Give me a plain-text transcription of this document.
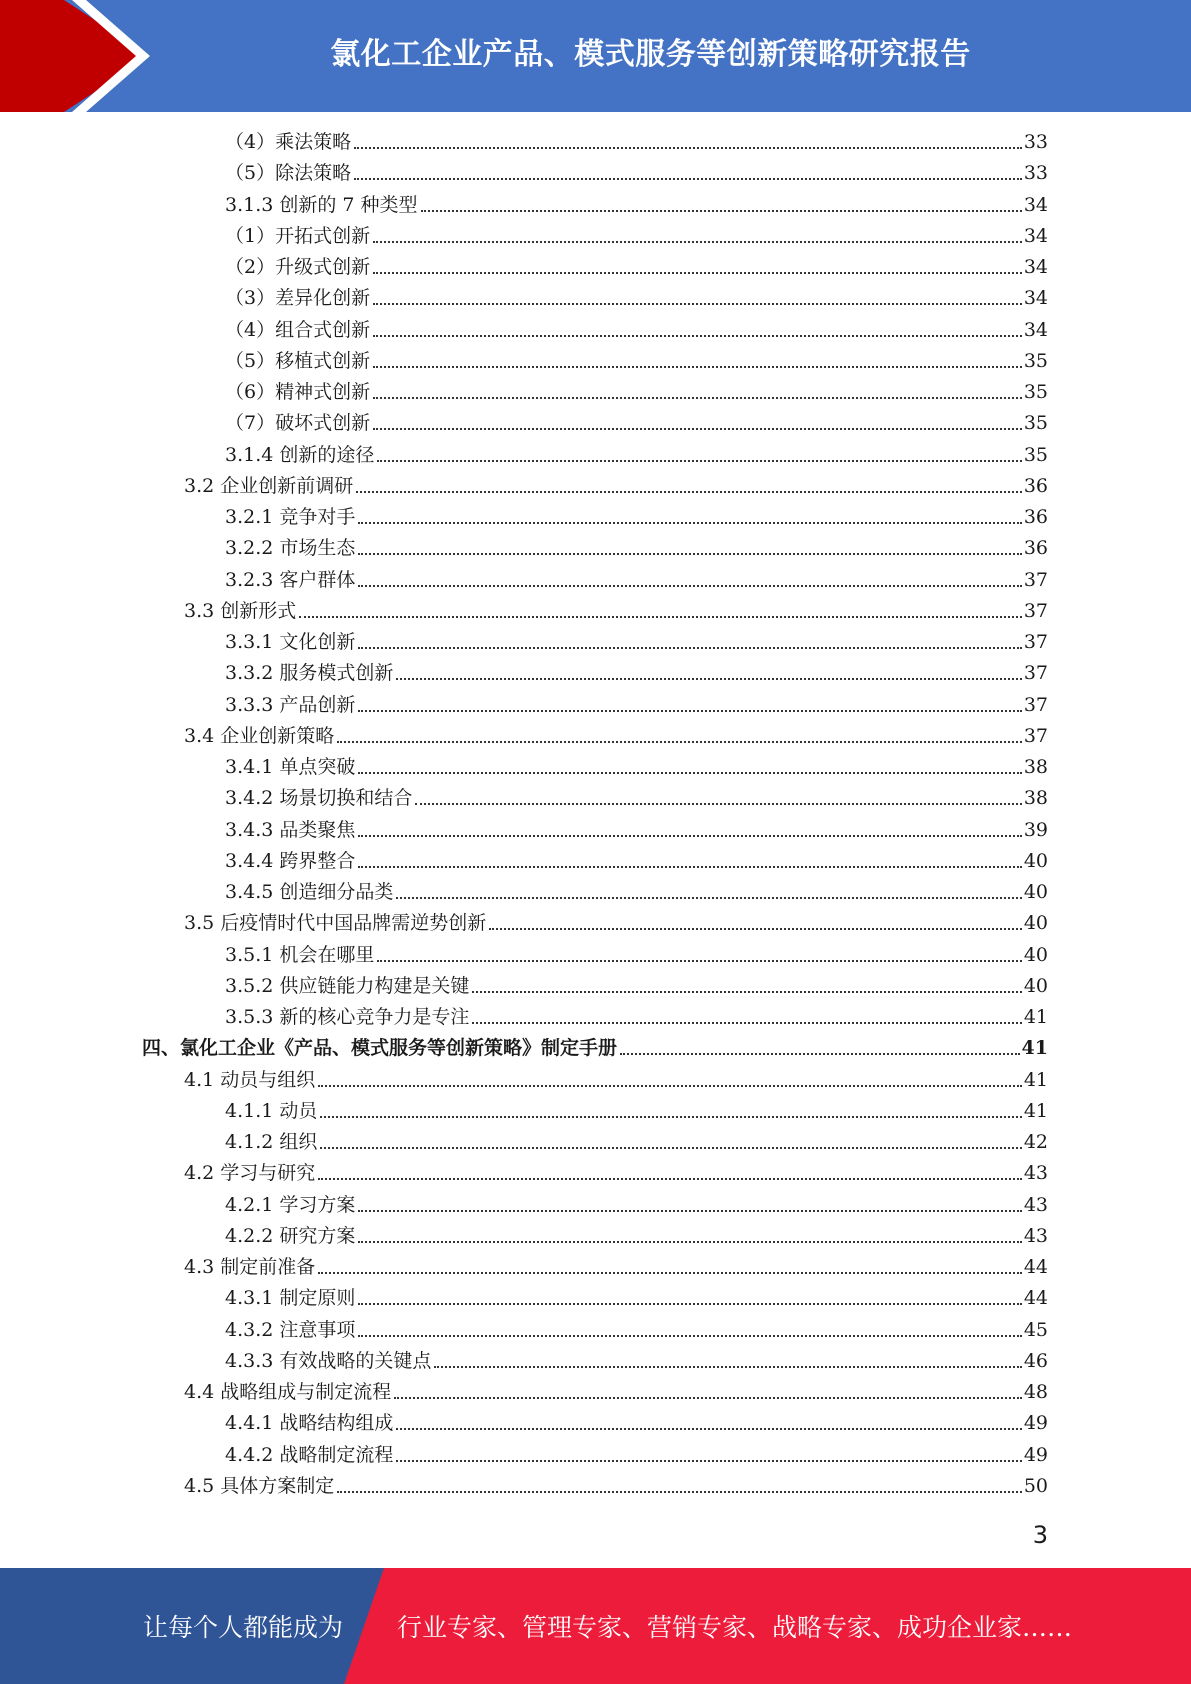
氯化工企业产品、模式服务等创新策略研究报告
（4）乘法策略	33
（5）除法策略	33
3.1.3 创新的 7 种类型	34
（1）开拓式创新	34
（2）升级式创新	34
（3）差异化创新	34
（4）组合式创新	34
（5）移植式创新	35
（6）精神式创新	35
（7）破坏式创新	35
3.1.4 创新的途径	35
3.2 企业创新前调研	36
3.2.1 竞争对手	36
3.2.2 市场生态	36
3.2.3 客户群体	37
3.3 创新形式	37
3.3.1 文化创新	37
3.3.2 服务模式创新	37
3.3.3 产品创新	37
3.4 企业创新策略	37
3.4.1 单点突破	38
3.4.2 场景切换和结合	38
3.4.3 品类聚焦	39
3.4.4 跨界整合	40
3.4.5 创造细分品类	40
3.5 后疫情时代中国品牌需逆势创新	40
3.5.1 机会在哪里	40
3.5.2 供应链能力构建是关键	40
3.5.3 新的核心竞争力是专注	41
四、氯化工企业《产品、模式服务等创新策略》制定手册	41
4.1 动员与组织	41
4.1.1 动员	41
4.1.2 组织	42
4.2 学习与研究	43
4.2.1 学习方案	43
4.2.2 研究方案	43
4.3 制定前准备	44
4.3.1 制定原则	44
4.3.2 注意事项	45
4.3.3 有效战略的关键点	46
4.4 战略组成与制定流程	48
4.4.1 战略结构组成	49
4.4.2 战略制定流程	49
4.5 具体方案制定	50
3
让每个人都能成为 行业专家、管理专家、营销专家、战略专家、成功企业家……
